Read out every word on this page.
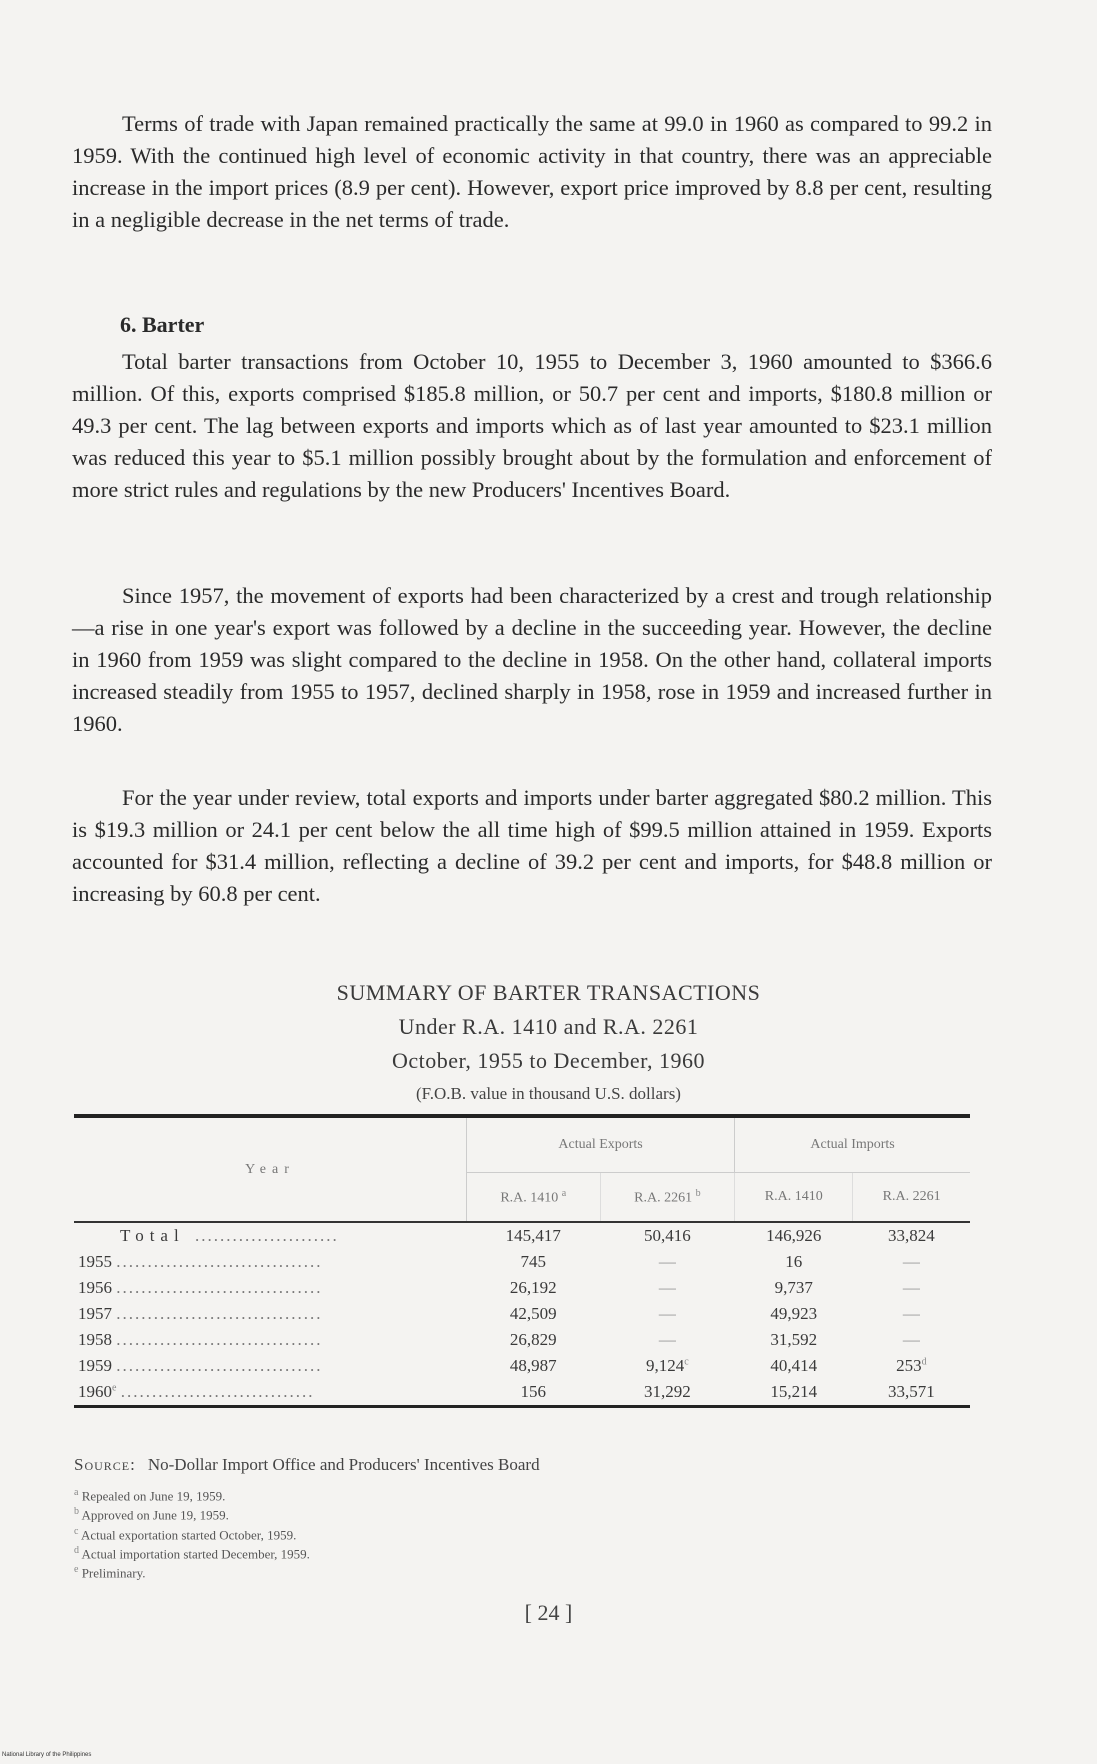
Terms of trade with Japan remained practically the same at 99.0 in 1960 as compared to 99.2 in 1959. With the continued high level of economic activity in that country, there was an appreciable increase in the import prices (8.9 per cent). However, export price improved by 8.8 per cent, resulting in a negligible decrease in the net terms of trade.
6. Barter
Total barter transactions from October 10, 1955 to December 3, 1960 amounted to $366.6 million. Of this, exports comprised $185.8 million, or 50.7 per cent and imports, $180.8 million or 49.3 per cent. The lag between exports and imports which as of last year amounted to $23.1 million was reduced this year to $5.1 million possibly brought about by the formulation and enforcement of more strict rules and regulations by the new Producers' Incentives Board.
Since 1957, the movement of exports had been characterized by a crest and trough relationship—a rise in one year's export was followed by a decline in the succeeding year. However, the decline in 1960 from 1959 was slight compared to the decline in 1958. On the other hand, collateral imports increased steadily from 1955 to 1957, declined sharply in 1958, rose in 1959 and increased further in 1960.
For the year under review, total exports and imports under barter aggregated $80.2 million. This is $19.3 million or 24.1 per cent below the all time high of $99.5 million attained in 1959. Exports accounted for $31.4 million, reflecting a decline of 39.2 per cent and imports, for $48.8 million or increasing by 60.8 per cent.
SUMMARY OF BARTER TRANSACTIONS
Under R.A. 1410 and R.A. 2261
October, 1955 to December, 1960
(F.O.B. value in thousand U.S. dollars)

Year	Actual Exports		Actual Imports	
	R.A. 1410 $^a$	R.A. 2261 $^b$	R.A. 1410	R.A. 2261

Total .......................	145,417	50,416	146,926	33,824
1955 .................................	745	—	16	—
1956 .................................	26,192	—	9,737	—
1957 .................................	42,509	—	49,923	—
1958 .................................	26,829	—	31,592	—
1959 .................................	48,987	9,124$^c$	40,414	253$^d$
1960e ...............................	156	31,292	15,214	33,571

Source: No-Dollar Import Office and Producers' Incentives Board
$^a$ Repealed on June 19, 1959.
$^b$ Approved on June 19, 1959.
$^c$ Actual exportation started October, 1959.
$^d$ Actual importation started December, 1959.
$^e$ Preliminary.
[ 24 ]
National Library of the Philippines
